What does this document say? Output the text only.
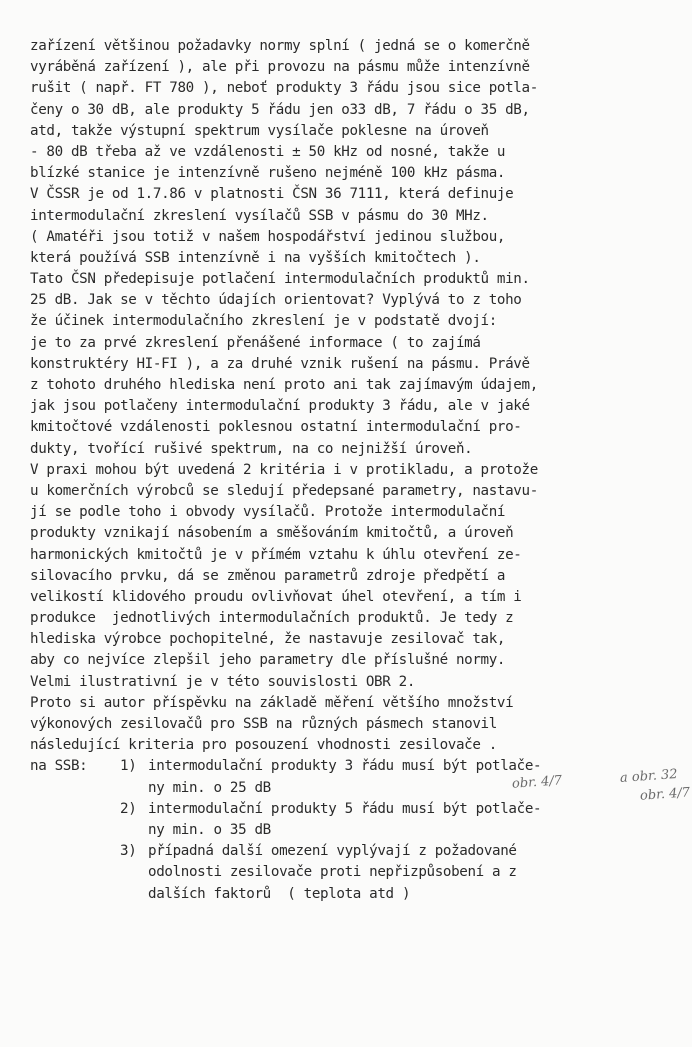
zařízení většinou požadavky normy splní ( jedná se o komerčně
vyráběná zařízení ), ale při provozu na pásmu může intenzívně
rušit ( např. FT 780 ), neboť produkty 3 řádu jsou sice potla-
čeny o 30 dB, ale produkty 5 řádu jen o33 dB, 7 řádu o 35 dB,
atd, takže výstupní spektrum vysílače poklesne na úroveň
- 80 dB třeba až ve vzdálenosti ± 50 kHz od nosné, takže u
blízké stanice je intenzívně rušeno nejméně 100 kHz pásma.
V ČSSR je od 1.7.86 v platnosti ČSN 36 7111, která definuje
intermodulační zkreslení vysílačů SSB v pásmu do 30 MHz.
( Amatéři jsou totiž v našem hospodářství jedinou službou,
která používá SSB intenzívně i na vyšších kmitočtech ).
Tato ČSN předepisuje potlačení intermodulačních produktů min.
25 dB. Jak se v těchto údajích orientovat? Vyplývá to z toho
že účinek intermodulačního zkreslení je v podstatě dvojí:
je to za prvé zkreslení přenášené informace ( to zajímá
konstruktéry HI-FI ), a za druhé vznik rušení na pásmu. Právě
z tohoto druhého hlediska není proto ani tak zajímavým údajem,
jak jsou potlačeny intermodulační produkty 3 řádu, ale v jaké
kmitočtové vzdálenosti poklesnou ostatní intermodulační pro-
dukty, tvořící rušivé spektrum, na co nejnižší úroveň.
V praxi mohou být uvedená 2 kritéria i v protikladu, a protože
u komerčních výrobců se sledují předepsané parametry, nastavu-
jí se podle toho i obvody vysílačů. Protože intermodulační
produkty vznikají násobením a směšováním kmitočtů, a úroveň
harmonických kmitočtů je v přímém vztahu k úhlu otevření ze-
silovacího prvku, dá se změnou parametrů zdroje předpětí a
velikostí klidového proudu ovlivňovat úhel otevření, a tím i
produkce  jednotlivých intermodulačních produktů. Je tedy z
hlediska výrobce pochopitelné, že nastavuje zesilovač tak,
aby co nejvíce zlepšil jeho parametry dle příslušné normy.
Velmi ilustrativní je v této souvislosti OBR 2.
Proto si autor příspěvku na základě měření většího množství
výkonových zesilovačů pro SSB na různých pásmech stanovil
následující kriteria pro posouzení vhodnosti zesilovače .
na SSB:	1) intermodulační produkty 3 řádu musí být potlače-
ny min. o 25 dB
2) intermodulační produkty 5 řádu musí být potlače-
ny min. o 35 dB
3) případná další omezení vyplývají z požadované
odolnosti zesilovače proti nepřizpůsobení a z
dalších faktorů  ( teplota atd )
obr. 4/7	a obr. 32
obr. 4/7
